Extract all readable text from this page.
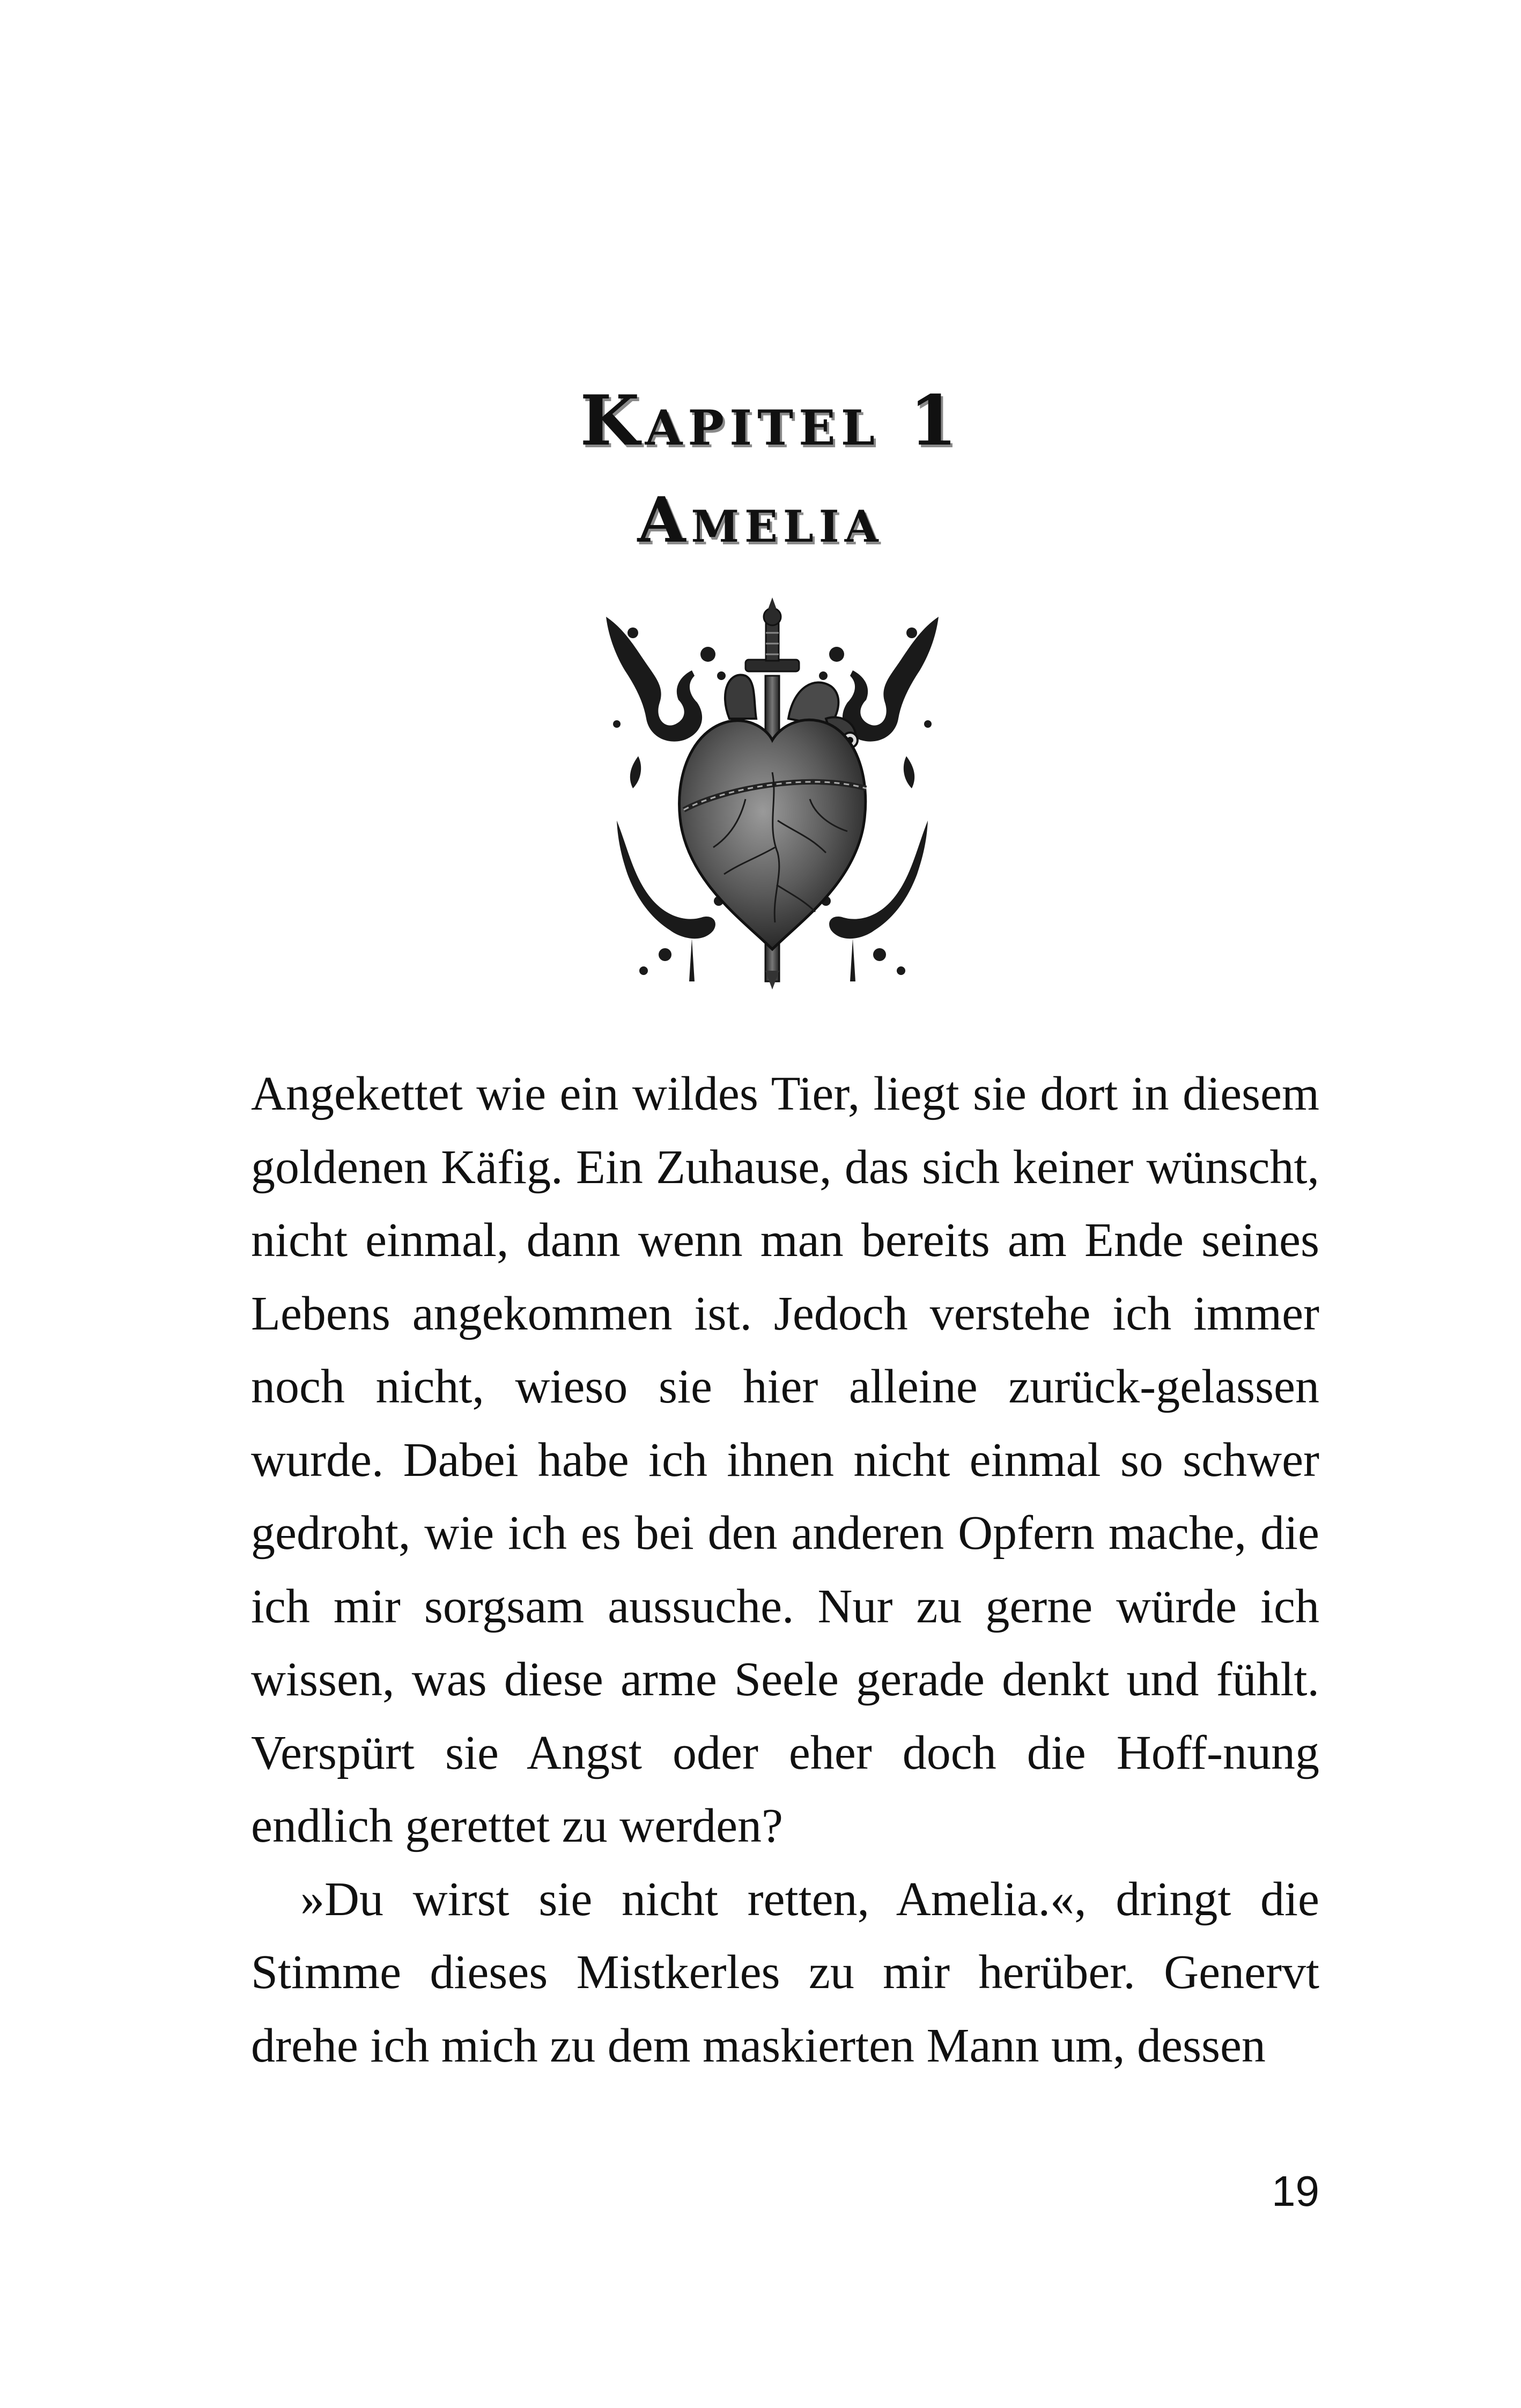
Kapitel 1
Amelia

Angekettet wie ein wildes Tier, liegt sie dort in diesem goldenen Käfig. Ein Zuhause, das sich keiner wünscht, nicht einmal, dann wenn man bereits am Ende seines Lebens angekommen ist. Jedoch verstehe ich immer noch nicht, wieso sie hier alleine zurück-gelassen wurde. Dabei habe ich ihnen nicht einmal so schwer gedroht, wie ich es bei den anderen Opfern mache, die ich mir sorgsam aussuche. Nur zu gerne würde ich wissen, was diese arme Seele gerade denkt und fühlt. Verspürt sie Angst oder eher doch die Hoff-nung endlich gerettet zu werden?

»Du wirst sie nicht retten, Amelia.«, dringt die Stimme dieses Mistkerles zu mir herüber. Genervt drehe ich mich zu dem maskierten Mann um, dessen

19
